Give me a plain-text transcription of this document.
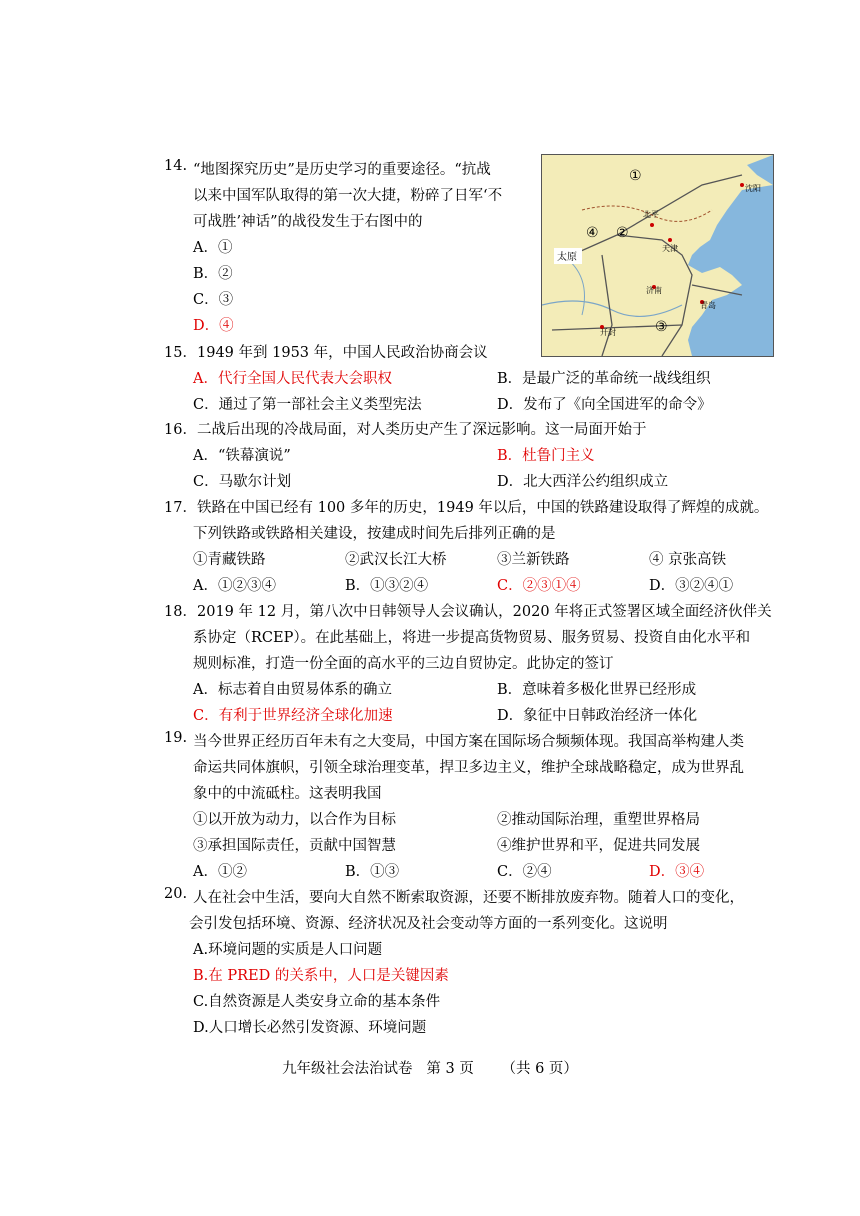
14. “地图探究历史”是历史学习的重要途径。“抗战
以来中国军队取得的第一次大捷，粉碎了日军‘不
可战胜’神话”的战役发生于右图中的
A．①
B．②
C．③
D．④
沈阳
北平
天津
太原
济南
青岛
开封
①
②
③
④
15． 1949 年到 1953 年，中国人民政治协商会议
A．代行全国人民代表大会职权	B．是最广泛的革命统一战线组织
C．通过了第一部社会主义类型宪法	D．发布了《向全国进军的命令》
16． 二战后出现的冷战局面，对人类历史产生了深远影响。这一局面开始于
A．“铁幕演说”	B．杜鲁门主义
C．马歇尔计划	D．北大西洋公约组织成立
17． 铁路在中国已经有 100 多年的历史，1949 年以后，中国的铁路建设取得了辉煌的成就。
下列铁路或铁路相关建设，按建成时间先后排列正确的是
①青藏铁路	②武汉长江大桥	③兰新铁路	④ 京张高铁
A．①②③④	B．①③②④	C．②③①④	D．③②④①
18． 2019 年 12 月，第八次中日韩领导人会议确认，2020 年将正式签署区域全面经济伙伴关
系协定（RCEP）。在此基础上，将进一步提高货物贸易、服务贸易、投资自由化水平和
规则标准，打造一份全面的高水平的三边自贸协定。此协定的签订
A．标志着自由贸易体系的确立	B．意味着多极化世界已经形成
C．有利于世界经济全球化加速	D．象征中日韩政治经济一体化
19. 当今世界正经历百年未有之大变局，中国方案在国际场合频频体现。我国高举构建人类
命运共同体旗帜，引领全球治理变革，捍卫多边主义，维护全球战略稳定，成为世界乱
象中的中流砥柱。这表明我国
①以开放为动力，以合作为目标	②推动国际治理，重塑世界格局
③承担国际责任，贡献中国智慧	④维护世界和平，促进共同发展
A．①②	B．①③	C．②④	D．③④
20. 人在社会中生活，要向大自然不断索取资源，还要不断排放废弃物。随着人口的变化，
会引发包括环境、资源、经济状况及社会变动等方面的一系列变化。这说明
A.环境问题的实质是人口问题
B.在 PRED 的关系中，人口是关键因素
C.自然资源是人类安身立命的基本条件
D.人口增长必然引发资源、环境问题
九年级社会法治试卷   第 3 页      （共 6 页）
